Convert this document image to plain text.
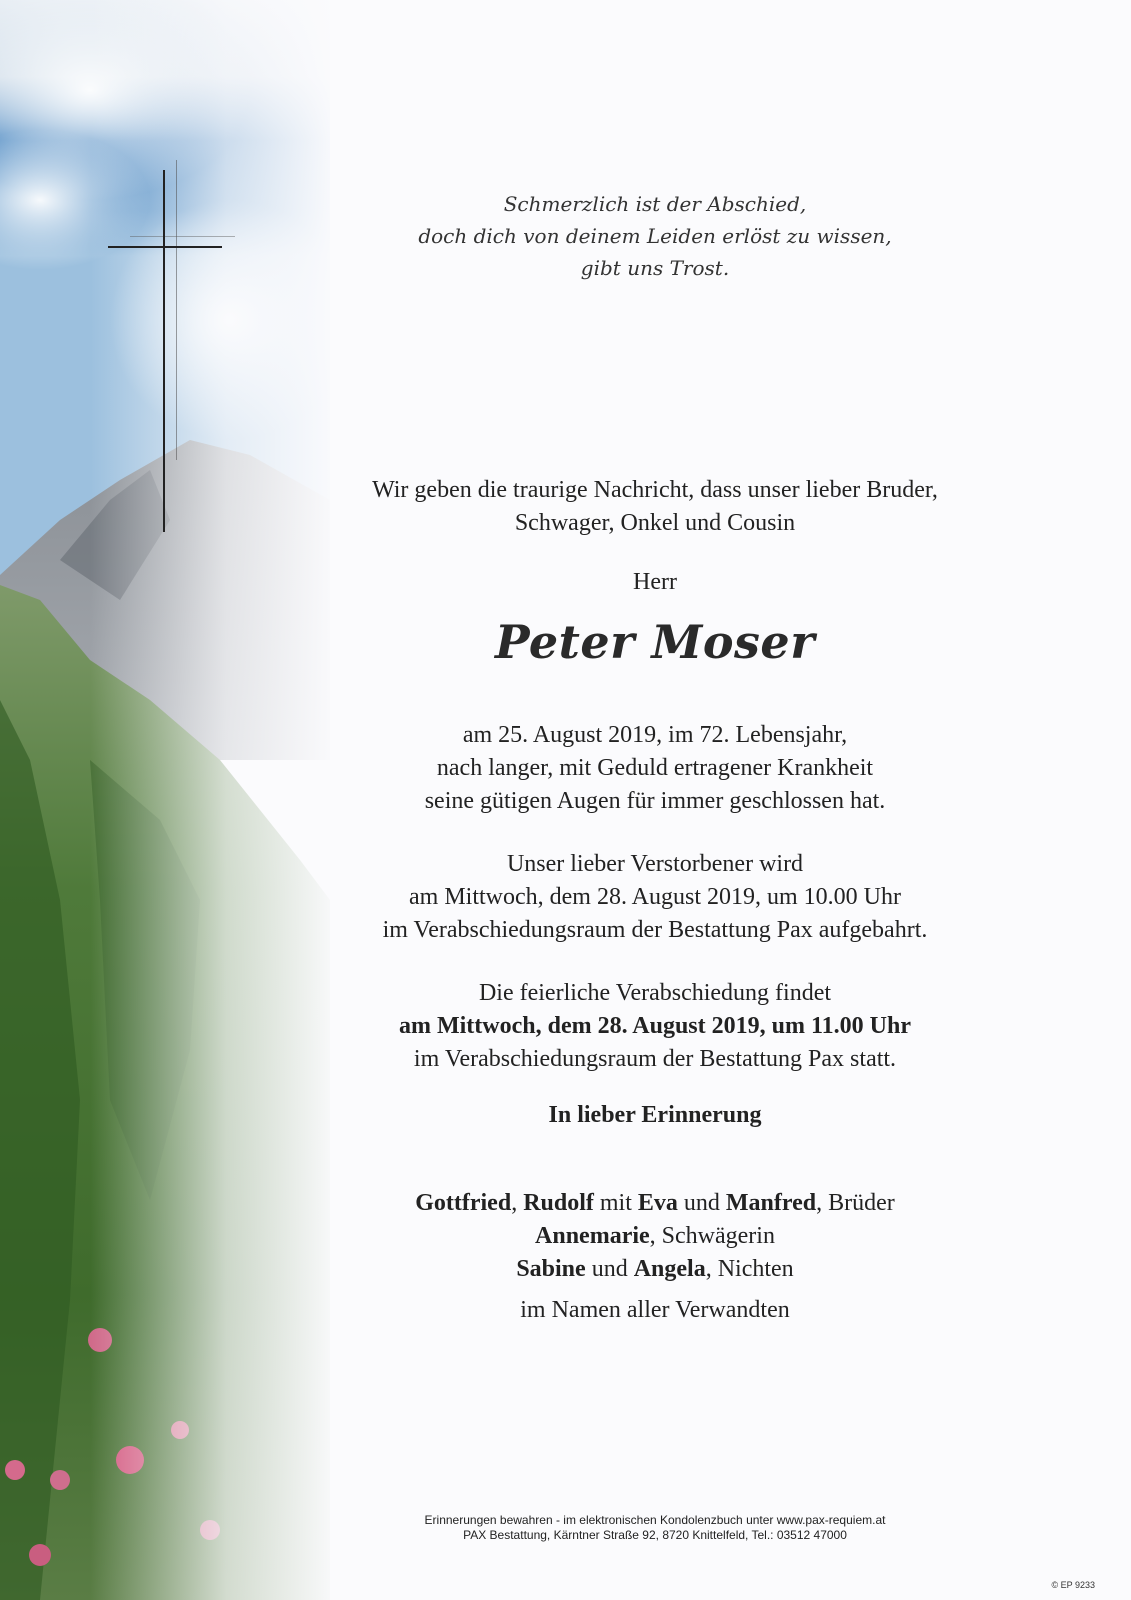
Schmerzlich ist der Abschied,
doch dich von deinem Leiden erlöst zu wissen,
gibt uns Trost.
Wir geben die traurige Nachricht, dass unser lieber Bruder,
Schwager, Onkel und Cousin
Herr
Peter Moser
am 25. August 2019, im 72. Lebensjahr,
nach langer, mit Geduld ertragener Krankheit
seine gütigen Augen für immer geschlossen hat.
Unser lieber Verstorbener wird
am Mittwoch, dem 28. August 2019, um 10.00 Uhr
im Verabschiedungsraum der Bestattung Pax aufgebahrt.
Die feierliche Verabschiedung findet
am Mittwoch, dem 28. August 2019, um 11.00 Uhr
im Verabschiedungsraum der Bestattung Pax statt.
In lieber Erinnerung
Gottfried, Rudolf mit Eva und Manfred, Brüder
Annemarie, Schwägerin
Sabine und Angela, Nichten
im Namen aller Verwandten
Erinnerungen bewahren - im elektronischen Kondolenzbuch unter www.pax-requiem.at
PAX Bestattung, Kärntner Straße 92, 8720 Knittelfeld, Tel.: 03512 47000
© EP 9233
